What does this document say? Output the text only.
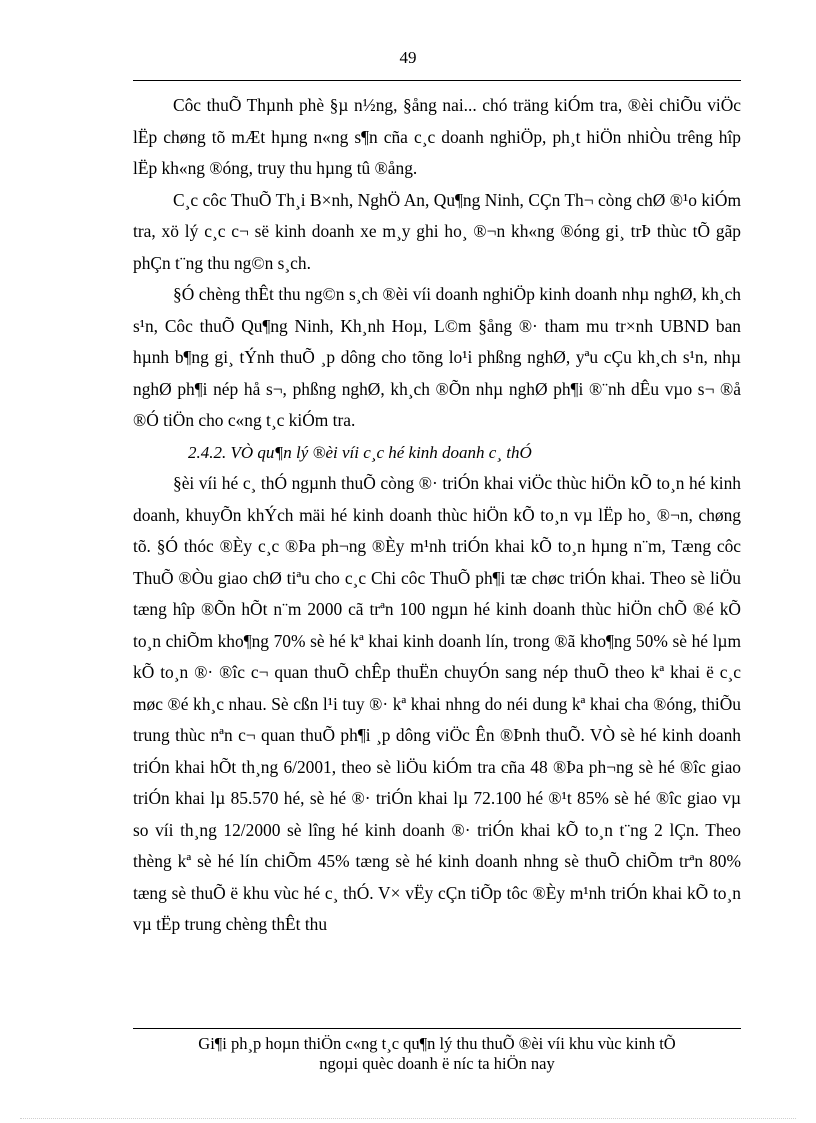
49

Côc thuÕ Thµnh phè §µ n½ng, §ång nai... chó träng kiÓm tra, ®èi chiÕu viÖc lËp chøng tõ mÆt hµng n«ng s¶n cña c¸c doanh nghiÖp, ph¸t hiÖn nhiÒu trêng hîp lËp kh«ng ®óng, truy thu hµng tû ®ång.

C¸c côc ThuÕ Th¸i B×nh, NghÖ An, Qu¶ng Ninh, CÇn Th¬ còng chØ ®¹o kiÓm tra, xö lý c¸c c¬ së kinh doanh xe m¸y ghi ho¸ ®¬n kh«ng ®óng gi¸ trÞ thùc tÕ gãp phÇn t¨ng thu ng©n s¸ch.

§Ó chèng thÊt thu ng©n s¸ch ®èi víi doanh nghiÖp kinh doanh nhµ nghØ, kh¸ch s¹n, Côc thuÕ Qu¶ng Ninh, Kh¸nh Hoµ, L©m §ång ®· tham mu tr×nh UBND ban hµnh b¶ng gi¸ tÝnh thuÕ ¸p dông cho tõng lo¹i phßng nghØ, yªu cÇu kh¸ch s¹n, nhµ nghØ ph¶i nép hå s¬, phßng nghØ, kh¸ch ®Õn nhµ nghØ ph¶i ®¨nh dÊu vµo s¬ ®å ®Ó tiÖn cho c«ng t¸c kiÓm tra.

2.4.2. VÒ qu¶n lý ®èi víi c¸c hé kinh doanh c¸ thÓ

§èi víi hé c¸ thÓ ngµnh thuÕ còng ®· triÓn khai viÖc thùc hiÖn kÕ to¸n hé kinh doanh, khuyÕn khÝch mäi hé kinh doanh thùc hiÖn kÕ to¸n vµ lËp ho¸ ®¬n, chøng tõ. §Ó thóc ®Èy c¸c ®Þa ph¬ng ®Èy m¹nh triÓn khai kÕ to¸n hµng n¨m, Tæng côc ThuÕ ®Òu giao chØ tiªu cho c¸c Chi côc ThuÕ ph¶i tæ chøc triÓn khai. Theo sè liÖu tæng hîp ®Õn hÕt n¨m 2000 cã trªn 100 ngµn hé kinh doanh thùc hiÖn chÕ ®é kÕ to¸n chiÕm kho¶ng 70% sè hé kª khai kinh doanh lín, trong ®ã kho¶ng 50% sè hé lµm kÕ to¸n ®· ®îc c¬ quan thuÕ chÊp thuËn chuyÓn sang nép thuÕ theo kª khai ë c¸c møc ®é kh¸c nhau. Sè cßn l¹i tuy ®· kª khai nhng do néi dung kª khai cha ®óng, thiÕu trung thùc nªn c¬ quan thuÕ ph¶i ¸p dông viÖc Ên ®Þnh thuÕ. VÒ sè hé kinh doanh triÓn khai hÕt th¸ng 6/2001, theo sè liÖu kiÓm tra cña 48 ®Þa ph¬ng sè hé ®îc giao triÓn khai lµ 85.570 hé, sè hé ®· triÓn khai lµ 72.100 hé ®¹t 85% sè hé ®îc giao vµ so víi th¸ng 12/2000 sè lîng hé kinh doanh ®· triÓn khai kÕ to¸n t¨ng 2 lÇn. Theo thèng kª sè hé lín chiÕm 45% tæng sè hé kinh doanh nhng sè thuÕ chiÕm trªn 80% tæng sè thuÕ ë khu vùc hé c¸ thÓ. V× vËy cÇn tiÕp tôc ®Èy m¹nh triÓn khai kÕ to¸n vµ tËp trung chèng thÊt thu

Gi¶i ph¸p hoµn thiÖn c«ng t¸c qu¶n lý thu thuÕ ®èi víi khu vùc kinh tÕ
ngoµi quèc doanh ë níc ta hiÖn nay
